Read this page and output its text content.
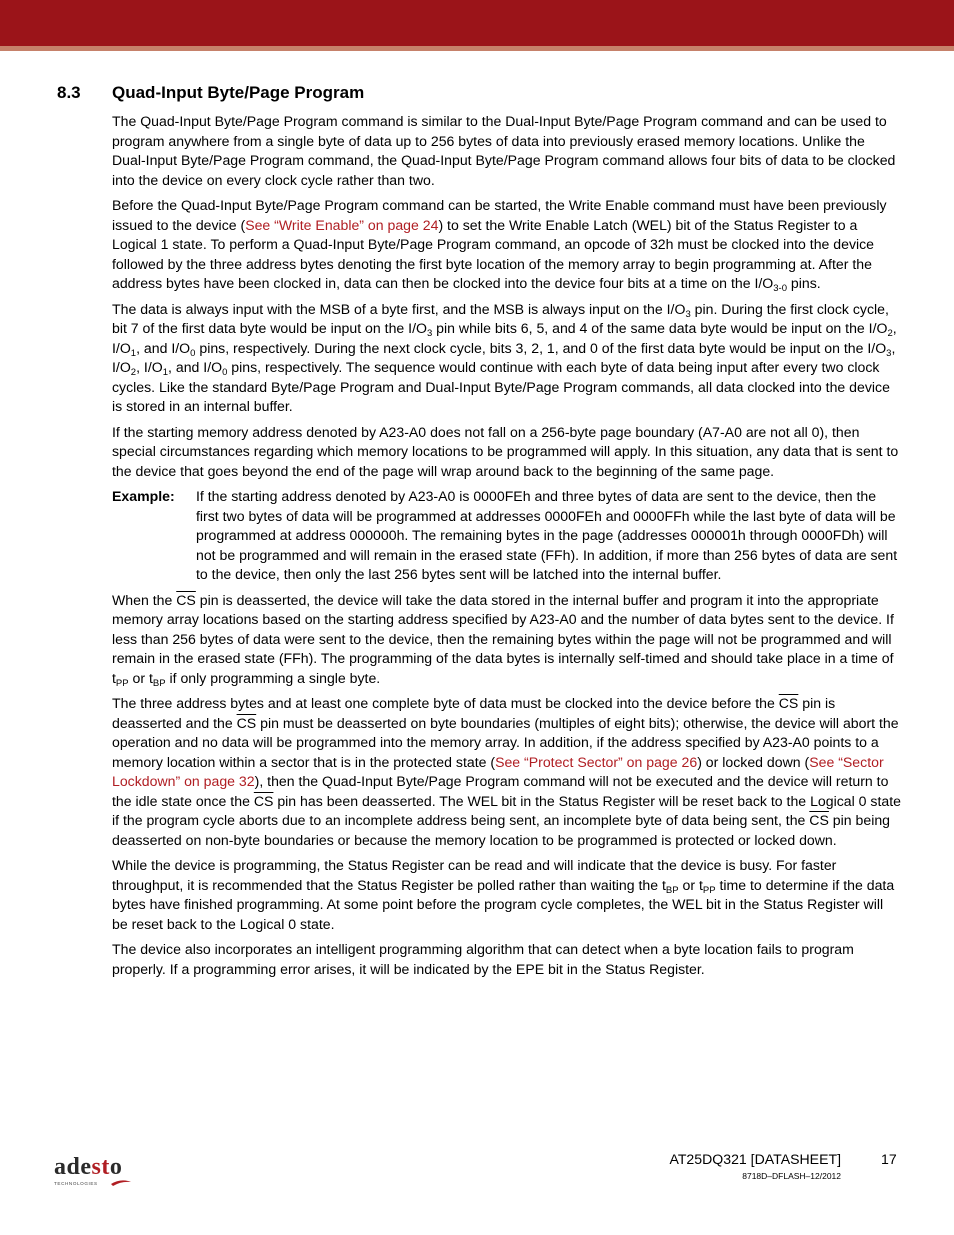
8.3 Quad-Input Byte/Page Program

The Quad-Input Byte/Page Program command is similar to the Dual-Input Byte/Page Program command and can be used to program anywhere from a single byte of data up to 256 bytes of data into previously erased memory locations. Unlike the Dual-Input Byte/Page Program command, the Quad-Input Byte/Page Program command allows four bits of data to be clocked into the device on every clock cycle rather than two.

Before the Quad-Input Byte/Page Program command can be started, the Write Enable command must have been previously issued to the device (See “Write Enable” on page 24) to set the Write Enable Latch (WEL) bit of the Status Register to a Logical 1 state. To perform a Quad-Input Byte/Page Program command, an opcode of 32h must be clocked into the device followed by the three address bytes denoting the first byte location of the memory array to begin programming at. After the address bytes have been clocked in, data can then be clocked into the device four bits at a time on the $I/O_{3-0}$ pins.

The data is always input with the MSB of a byte first, and the MSB is always input on the $I/O_3$ pin. During the first clock cycle, bit 7 of the first data byte would be input on the $I/O_3$ pin while bits 6, 5, and 4 of the same data byte would be input on the $I/O_2$, $I/O_1$, and $I/O_0$ pins, respectively. During the next clock cycle, bits 3, 2, 1, and 0 of the first data byte would be input on the $I/O_3$, $I/O_2$, $I/O_1$, and $I/O_0$ pins, respectively. The sequence would continue with each byte of data being input after every two clock cycles. Like the standard Byte/Page Program and Dual-Input Byte/Page Program commands, all data clocked into the device is stored in an internal buffer.

If the starting memory address denoted by A23-A0 does not fall on a 256-byte page boundary (A7-A0 are not all 0), then special circumstances regarding which memory locations to be programmed will apply. In this situation, any data that is sent to the device that goes beyond the end of the page will wrap around back to the beginning of the same page.

Example:	If the starting address denoted by A23-A0 is 0000FEh and three bytes of data are sent to the device, then the first two bytes of data will be programmed at addresses 0000FEh and 0000FFh while the last byte of data will be programmed at address 000000h. The remaining bytes in the page (addresses 000001h through 0000FDh) will not be programmed and will remain in the erased state (FFh). In addition, if more than 256 bytes of data are sent to the device, then only the last 256 bytes sent will be latched into the internal buffer.

When the $\overline{CS}$ pin is deasserted, the device will take the data stored in the internal buffer and program it into the appropriate memory array locations based on the starting address specified by A23-A0 and the number of data bytes sent to the device. If less than 256 bytes of data were sent to the device, then the remaining bytes within the page will not be programmed and will remain in the erased state (FFh). The programming of the data bytes is internally self-timed and should take place in a time of $t_{PP}$ or $t_{BP}$ if only programming a single byte.

The three address bytes and at least one complete byte of data must be clocked into the device before the $\overline{CS}$ pin is deasserted and the $\overline{CS}$ pin must be deasserted on byte boundaries (multiples of eight bits); otherwise, the device will abort the operation and no data will be programmed into the memory array. In addition, if the address specified by A23-A0 points to a memory location within a sector that is in the protected state (See “Protect Sector” on page 26) or locked down (See “Sector Lockdown” on page 32), then the Quad-Input Byte/Page Program command will not be executed and the device will return to the idle state once the $\overline{CS}$ pin has been deasserted. The WEL bit in the Status Register will be reset back to the Logical 0 state if the program cycle aborts due to an incomplete address being sent, an incomplete byte of data being sent, the $\overline{CS}$ pin being deasserted on non-byte boundaries or because the memory location to be programmed is protected or locked down.

While the device is programming, the Status Register can be read and will indicate that the device is busy. For faster throughput, it is recommended that the Status Register be polled rather than waiting the $t_{BP}$ or $t_{PP}$ time to determine if the data bytes have finished programming. At some point before the program cycle completes, the WEL bit in the Status Register will be reset back to the Logical 0 state.

The device also incorporates an intelligent programming algorithm that can detect when a byte location fails to program properly. If a programming error arises, it will be indicated by the EPE bit in the Status Register.

adesto
TECHNOLOGIES
AT25DQ321 [DATASHEET]	17
8718D–DFLASH–12/2012
